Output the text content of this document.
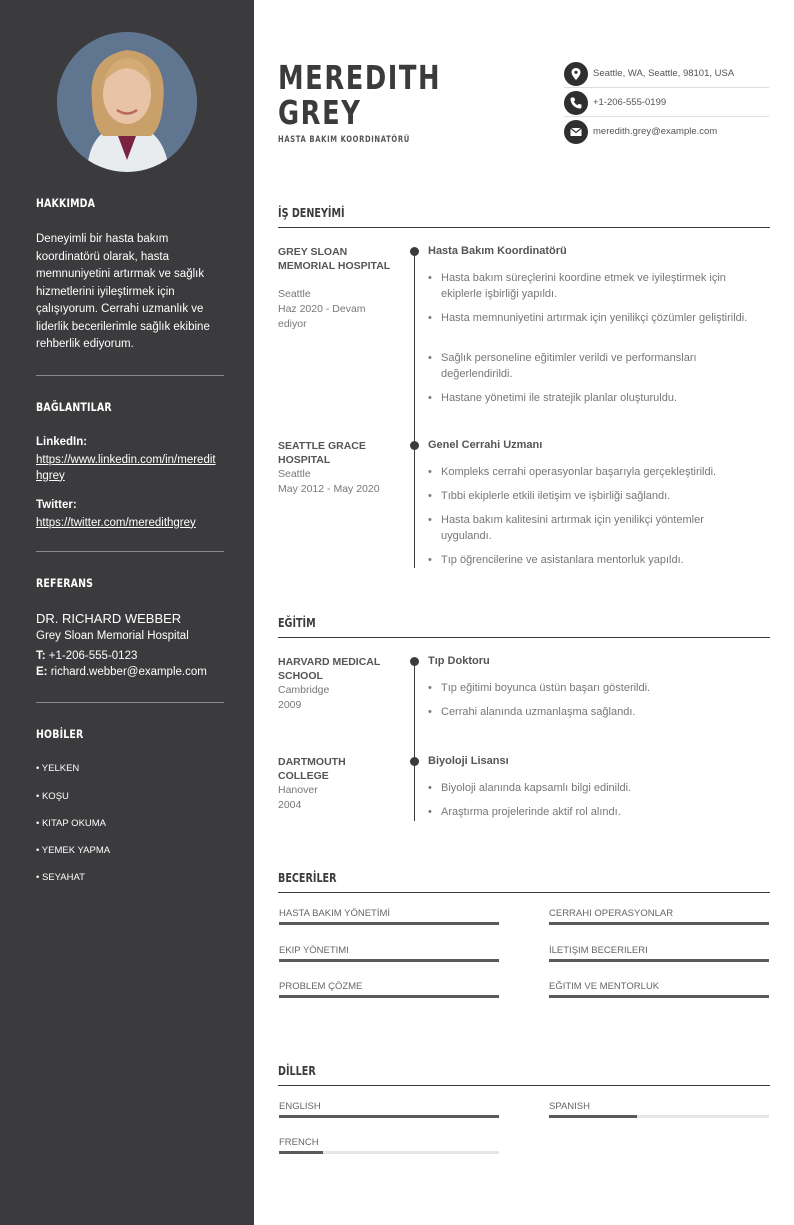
HAKKIMDA
Deneyimli bir hasta bakım koordinatörü olarak, hasta memnuniyetini artırmak ve sağlık hizmetlerini iyileştirmek için çalışıyorum. Cerrahi uzmanlık ve liderlik becerilerimle sağlık ekibine rehberlik ediyorum.
BAĞLANTILAR
LinkedIn:
https://www.linkedin.com/in/meredithgrey
Twitter:
https://twitter.com/meredithgrey
REFERANS
DR. RICHARD WEBBER
Grey Sloan Memorial Hospital
T: +1-206-555-0123
E: richard.webber@example.com
HOBİLER
• YELKEN
• KOŞU
• KITAP OKUMA
• YEMEK YAPMA
• SEYAHAT
MEREDITH
GREY
HASTA BAKIM KOORDINATÖRÜ
Seattle, WA, Seattle, 98101, USA
+1-206-555-0199
meredith.grey@example.com
İŞ DENEYİMİ
GREY SLOAN MEMORIAL HOSPITAL
Seattle
Haz 2020 - Devam ediyor
Hasta Bakım Koordinatörü
• Hasta bakım süreçlerini koordine etmek ve iyileştirmek için ekiplerle işbirliği yapıldı.
• Hasta memnuniyetini artırmak için yenilikçi çözümler geliştirildi.
• Sağlık personeline eğitimler verildi ve performansları değerlendirildi.
• Hastane yönetimi ile stratejik planlar oluşturuldu.
SEATTLE GRACE HOSPITAL
Seattle
May 2012 - May 2020
Genel Cerrahi Uzmanı
• Kompleks cerrahi operasyonlar başarıyla gerçekleştirildi.
• Tıbbi ekiplerle etkili iletişim ve işbirliği sağlandı.
• Hasta bakım kalitesini artırmak için yenilikçi yöntemler uygulandı.
• Tıp öğrencilerine ve asistanlara mentorluk yapıldı.
EĞİTİM
HARVARD MEDICAL SCHOOL
Cambridge
2009
Tıp Doktoru
• Tıp eğitimi boyunca üstün başarı gösterildi.
• Cerrahi alanında uzmanlaşma sağlandı.
DARTMOUTH COLLEGE
Hanover
2004
Biyoloji Lisansı
• Biyoloji alanında kapsamlı bilgi edinildi.
• Araştırma projelerinde aktif rol alındı.
BECERİLER
HASTA BAKIM YÖNETİMİ	CERRAHI OPERASYONLAR
EKIP YÖNETIMI	İLETIŞIM BECERILERI
PROBLEM ÇÖZME	EĞITIM VE MENTORLUK
DİLLER
ENGLISH	SPANISH
FRENCH
